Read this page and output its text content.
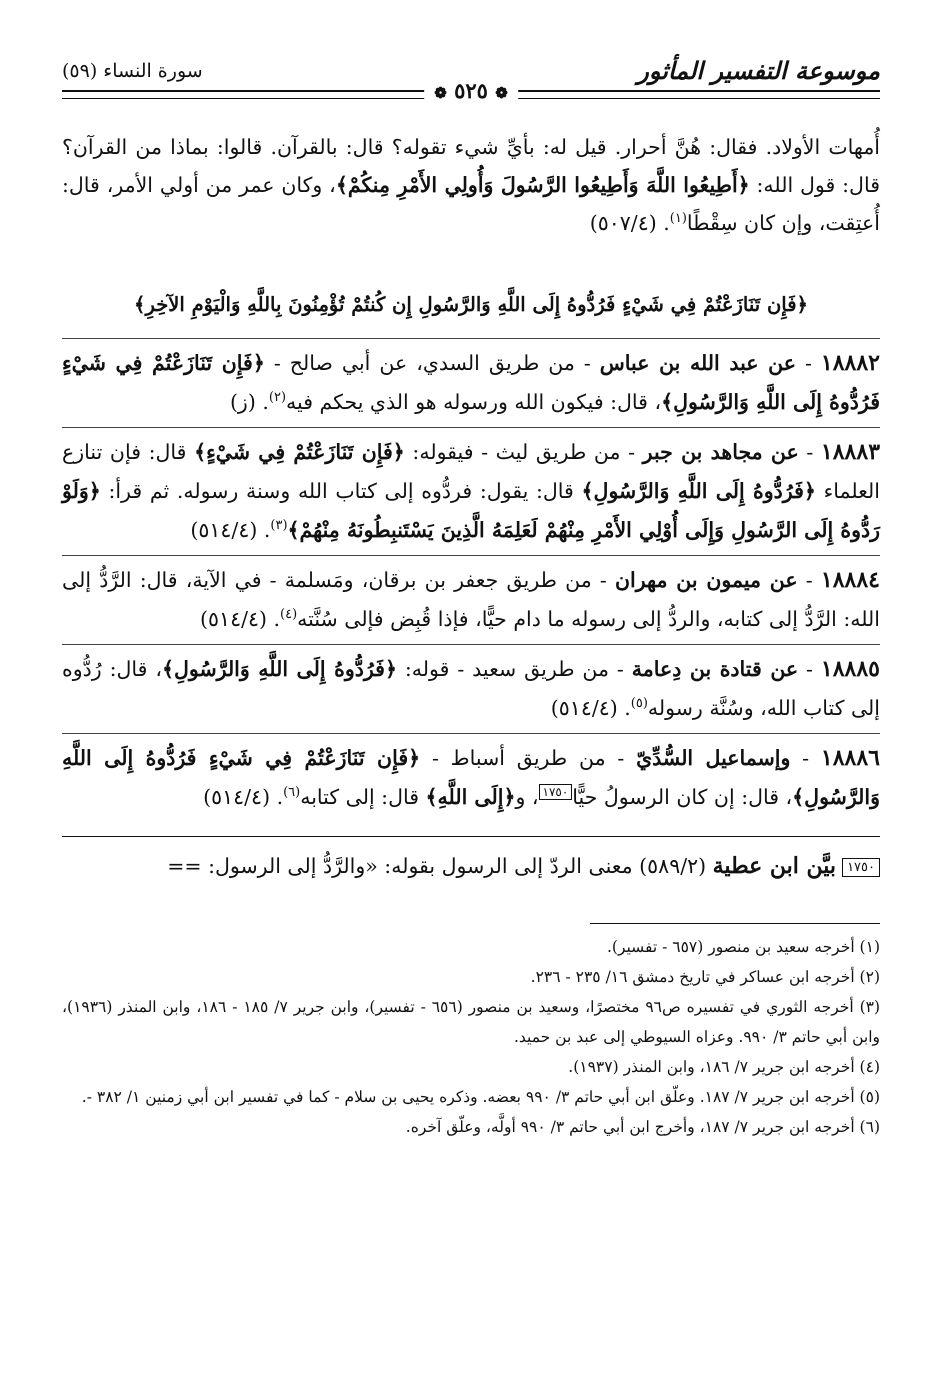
موسوعة التفسير المأثور
سورة النساء (٥٩)
❁ ٥٢٥ ❁

أُمهات الأولاد. فقال: هُنَّ أحرار. قيل له: بأيِّ شيء تقوله؟ قال: بالقرآن. قالوا: بماذا من القرآن؟ قال: قول الله: ﴿أَطِيعُوا اللَّهَ وَأَطِيعُوا الرَّسُولَ وَأُولِي الأَمْرِ مِنكُمْ﴾، وكان عمر من أولي الأمر، قال: أُعتِقت، وإن كان سِقْطًا$^{(١)}$. (٥٠٧/٤)

﴿فَإِن تَنَازَعْتُمْ فِي شَيْءٍ فَرُدُّوهُ إِلَى اللَّهِ وَالرَّسُولِ إِن كُنتُمْ تُؤْمِنُونَ بِاللَّهِ وَالْيَوْمِ الآخِرِ﴾

١٨٨٨٢ - عن عبد الله بن عباس - من طريق السدي، عن أبي صالح - ﴿فَإِن تَنَازَعْتُمْ فِي شَيْءٍ فَرُدُّوهُ إِلَى اللَّهِ وَالرَّسُولِ﴾، قال: فيكون الله ورسوله هو الذي يحكم فيه$^{(٢)}$. (ز)

١٨٨٨٣ - عن مجاهد بن جبر - من طريق ليث - فيقوله: ﴿فَإِن تَنَازَعْتُمْ فِي شَيْءٍ﴾ قال: فإن تنازع العلماء ﴿فَرُدُّوهُ إِلَى اللَّهِ وَالرَّسُولِ﴾ قال: يقول: فردُّوه إلى كتاب الله وسنة رسوله. ثم قرأ: ﴿وَلَوْ رَدُّوهُ إِلَى الرَّسُولِ وَإِلَى أُوْلِي الأَمْرِ مِنْهُمْ لَعَلِمَهُ الَّذِينَ يَسْتَنبِطُونَهُ مِنْهُمْ﴾$^{(٣)}$. (٥١٤/٤)

١٨٨٨٤ - عن ميمون بن مهران - من طريق جعفر بن برقان، ومَسلمة - في الآية، قال: الرَّدُّ إلى الله: الرَّدُّ إلى كتابه، والردُّ إلى رسوله ما دام حيًّا، فإذا قُبِض فإلى سُنَّته$^{(٤)}$. (٥١٤/٤)

١٨٨٨٥ - عن قتادة بن دِعامة - من طريق سعيد - قوله: ﴿فَرُدُّوهُ إِلَى اللَّهِ وَالرَّسُولِ﴾، قال: رُدُّوه إلى كتاب الله، وسُنَّة رسوله$^{(٥)}$. (٥١٤/٤)

١٨٨٨٦ - وإسماعيل السُّدِّيّ - من طريق أسباط - ﴿فَإِن تَنَازَعْتُمْ فِي شَيْءٍ فَرُدُّوهُ إِلَى اللَّهِ وَالرَّسُولِ﴾، قال: إن كان الرسولُ حيًّا١٧٥٠، و﴿إِلَى اللَّهِ﴾ قال: إلى كتابه$^{(٦)}$. (٥١٤/٤)

١٧٥٠بيَّن ابن عطية (٥٨٩/٢) معنى الردّ إلى الرسول بقوله: «والرَّدُّ إلى الرسول: ==
(١) أخرجه سعيد بن منصور (٦٥٧ - تفسير).
(٢) أخرجه ابن عساكر في تاريخ دمشق ١٦/ ٢٣٥ - ٢٣٦.
(٣) أخرجه الثوري في تفسيره ص٩٦ مختصرًا، وسعيد بن منصور (٦٥٦ - تفسير)، وابن جرير ٧/ ١٨٥ - ١٨٦، وابن المنذر (١٩٣٦)، وابن أبي حاتم ٣/ ٩٩٠. وعزاه السيوطي إلى عبد بن حميد.
(٤) أخرجه ابن جرير ٧/ ١٨٦، وابن المنذر (١٩٣٧).
(٥) أخرجه ابن جرير ٧/ ١٨٧. وعلّق ابن أبي حاتم ٣/ ٩٩٠ بعضه. وذكره يحيى بن سلام - كما في تفسير ابن أبي زمنين ١/ ٣٨٢ -.
(٦) أخرجه ابن جرير ٧/ ١٨٧، وأخرج ابن أبي حاتم ٣/ ٩٩٠ أولَّه، وعلّق آخره.
